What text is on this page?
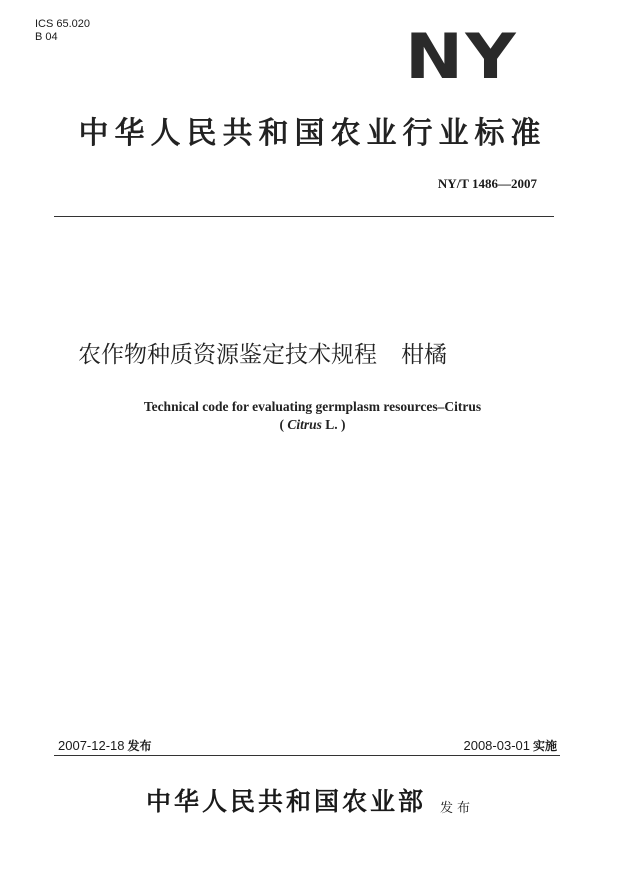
ICS 65.020
B 04	NY
中华人民共和国农业行业标准
NY/T 1486—2007
农作物种质资源鉴定技术规程 柑橘
Technical code for evaluating germplasm resources–Citrus
( Citrus L. )
2007-12-18 发布	2008-03-01 实施
中华人民共和国农业部 发布
